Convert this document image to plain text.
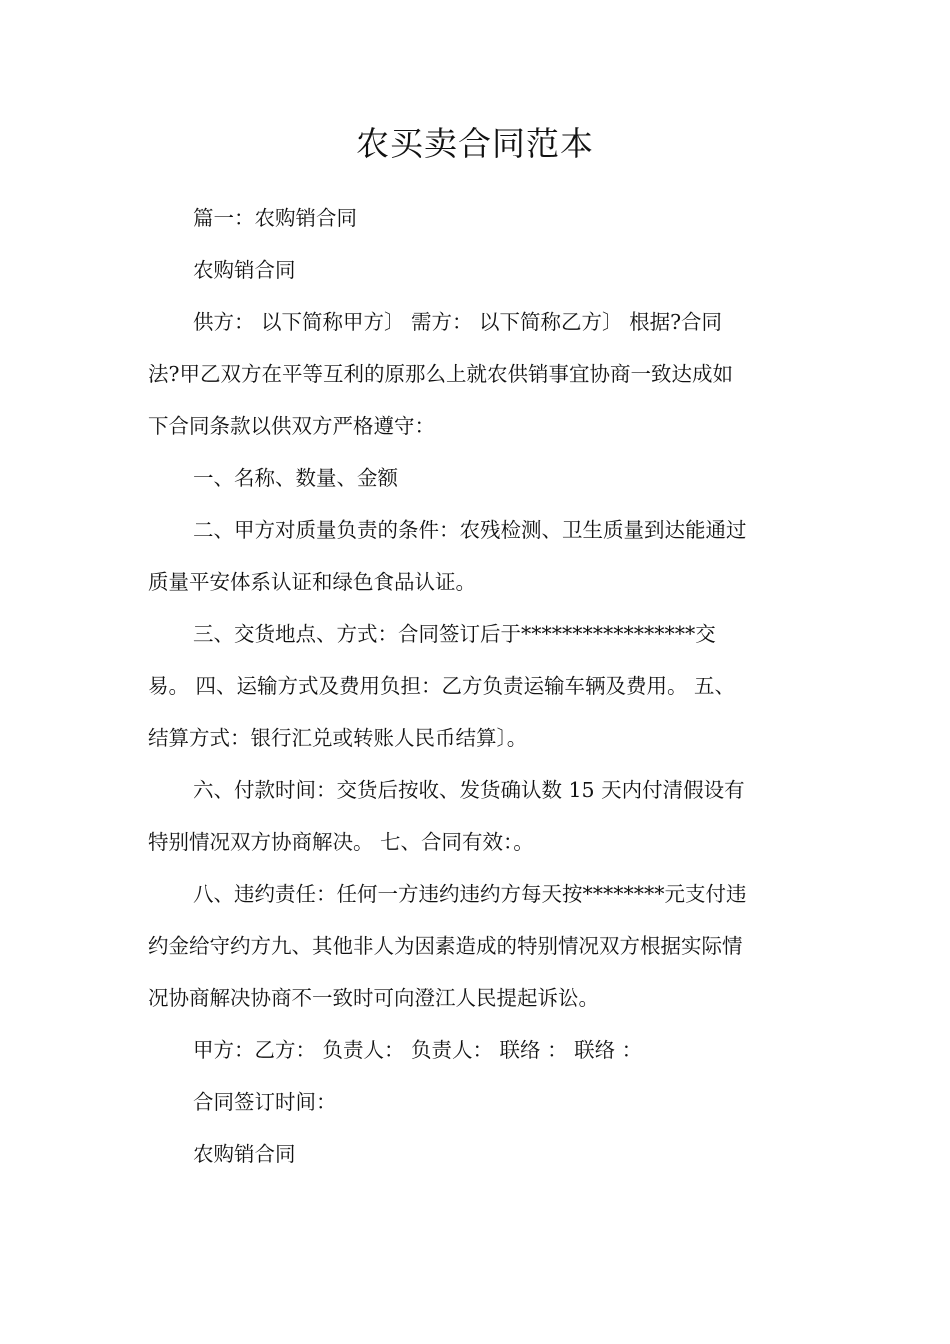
农买卖合同范本
篇一：农购销合同
农购销合同
供方： 以下简称甲方〕 需方： 以下简称乙方〕 根据?合同
法?甲乙双方在平等互利的原那么上就农供销事宜协商一致达成如
下合同条款以供双方严格遵守：
一、名称、数量、金额
二、甲方对质量负责的条件：农残检测、卫生质量到达能通过
质量平安体系认证和绿色食品认证。
三、交货地点、方式：合同签订后于*****************交
易。 四、运输方式及费用负担：乙方负责运输车辆及费用。 五、
结算方式：银行汇兑或转账人民币结算〕。
六、付款时间：交货后按收、发货确认数 15 天内付清假设有
特别情况双方协商解决。 七、合同有效：。
八、违约责任：任何一方违约违约方每天按********元支付违
约金给守约方九、其他非人为因素造成的特别情况双方根据实际情
况协商解决协商不一致时可向澄江人民提起诉讼。
甲方：乙方： 负责人： 负责人： 联络 ： 联络 ：
合同签订时间：
农购销合同
